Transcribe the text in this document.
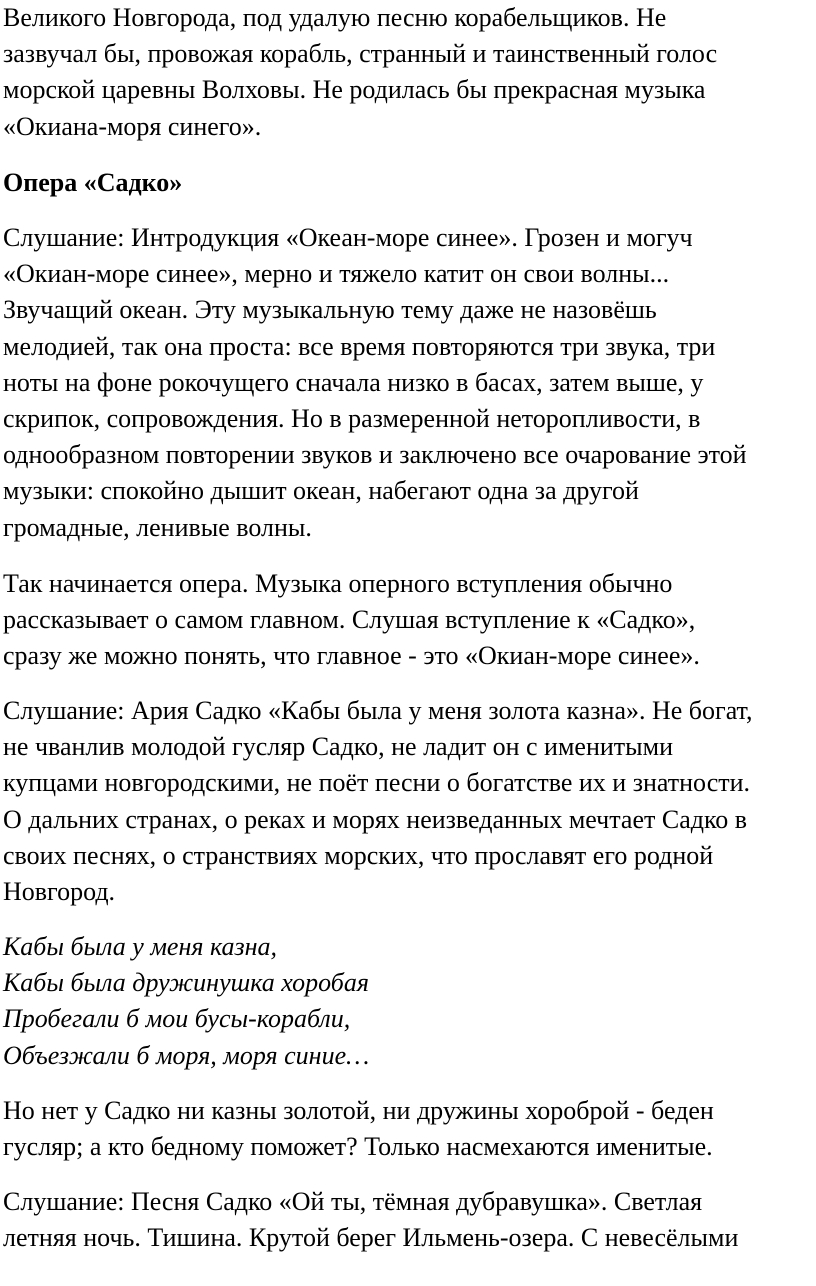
Великого Новгорода, под удалую песню корабельщиков. Не
зазвучал бы, провожая корабль, странный и таинственный голос
морской царевны Волховы. Не родилась бы прекрасная музыка
«Окиана-моря синего».

Опера «Садко»

Слушание: Интродукция «Океан-море синее». Грозен и могуч
«Окиан-море синее», мерно и тяжело катит он свои волны...
Звучащий океан. Эту музыкальную тему даже не назовёшь
мелодией, так она проста: все время повторяются три звука, три
ноты на фоне рокочущего сначала низко в басах, затем выше, у
скрипок, сопровождения. Но в размеренной неторопливости, в
однообразном повторении звуков и заключено все очарование этой
музыки: спокойно дышит океан, набегают одна за другой
громадные, ленивые волны.

Так начинается опера. Музыка оперного вступления обычно
рассказывает о самом главном. Слушая вступление к «Садко»,
сразу же можно понять, что главное - это «Окиан-море синее».

Слушание: Ария Садко «Кабы была у меня золота казна». Не богат,
не чванлив молодой гусляр Садко, не ладит он с именитыми
купцами новгородскими, не поёт песни о богатстве их и знатности.
О дальних странах, о реках и морях неизведанных мечтает Садко в
своих песнях, о странствиях морских, что прославят его родной
Новгород.

Кабы была у меня казна,
Кабы была дружинушка хоробая
Пробегали б мои бусы-корабли,
Объезжали б моря, моря синие…

Но нет у Садко ни казны золотой, ни дружины хороброй - беден
гусляр; а кто бедному поможет? Только насмехаются именитые.

Слушание: Песня Садко «Ой ты, тёмная дубравушка». Светлая
летняя ночь. Тишина. Крутой берег Ильмень-озера. С невесёлыми
